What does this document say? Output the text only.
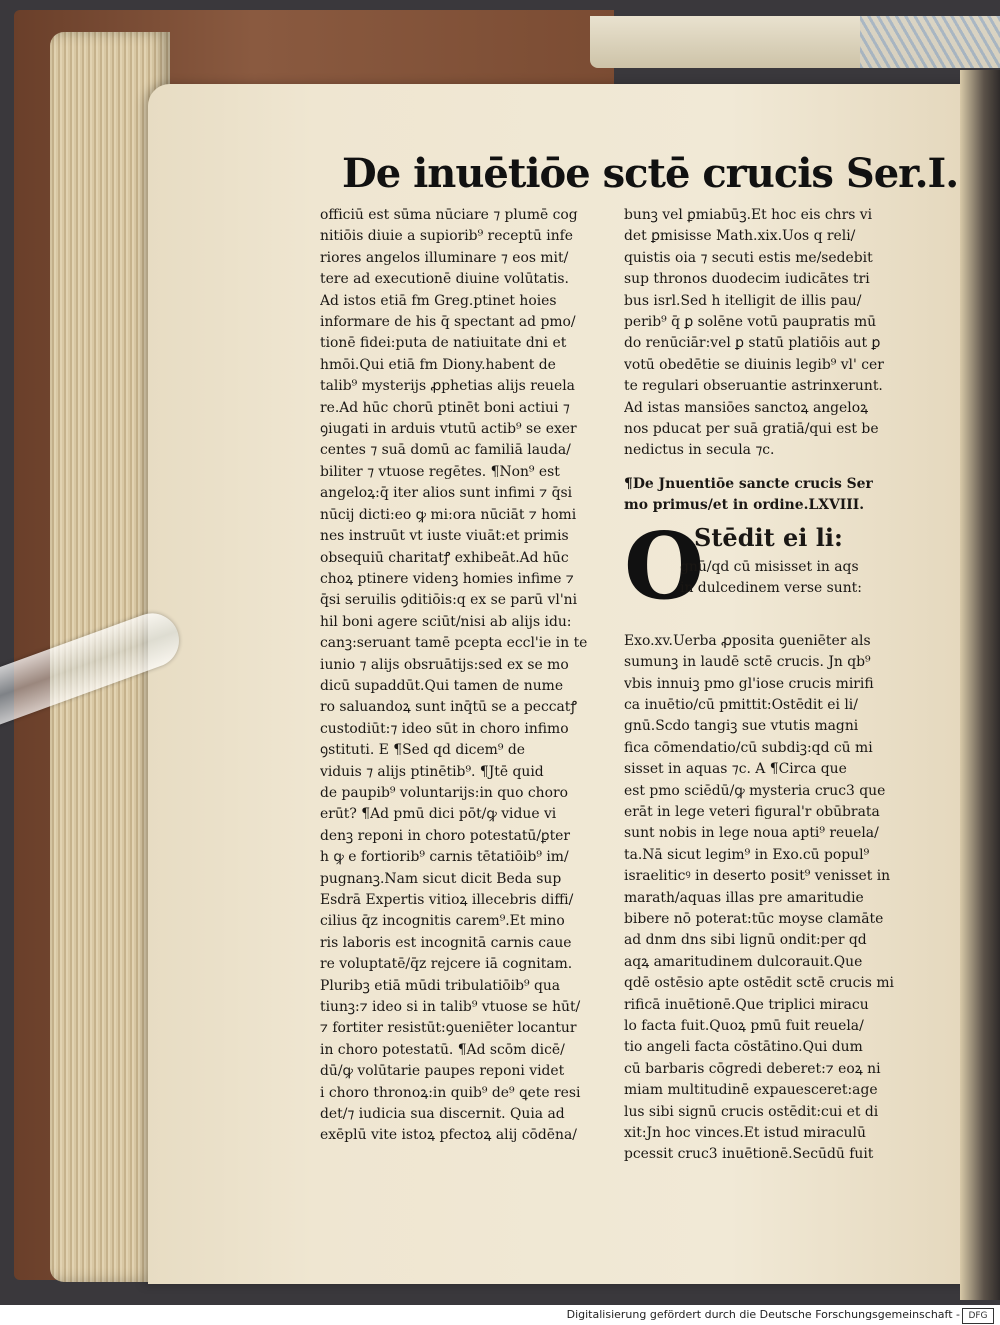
De inuētiōe sctē crucis Ser.I.
officiū est sūma nūciare ⁊ plumē cog
nitiōis diuie a supiorib⁹ receptū infe
riores angelos illuminare ⁊ eos mit/
tere ad executionē diuine volūtatis.
Ad istos etiā fm Greg.ptinet hoies
informare de his q̄ spectant ad pmo/
tionē fidei:puta de natiuitate dni et
hmōi.Qui etiā fm Diony.habent de
talib⁹ mysterijs ꝓphetias alijs reuela
re.Ad hūc chorū ptinēt boni actiui ⁊
ꝯiugati in arduis vtutū actib⁹ se exer
centes ⁊ suā domū ac familiā lauda/
biliter ⁊ vtuose regētes. ¶Non⁹ est
angeloꝝ:q̄ iter alios sunt infimi ⁊ q̄si
nūcij dicti:eo ꝙ mi:ora nūciāt ⁊ homi
nes instruūt vt iuste viuāt:et primis
obsequiū charitatꝭ exhibeāt.Ad hūc
choꝝ ptinere videnꝫ homies infime ⁊
q̄si seruilis ꝯditiōis:q ex se parū vl'ni
hil boni agere sciūt/nisi ab alijs idu:
canꝫ:seruant tamē pcepta eccl'ie in te
iunio ⁊ alijs obsruātijs:sed ex se mo
dicū supaddūt.Qui tamen de nume
ro saluandoꝝ sunt inq̄tū se a peccatꝭ
custodiūt:⁊ ideo sūt in choro infimo
ꝯstituti. E ¶Sed qd dicem⁹ de
viduis ⁊ alijs ptinētib⁹. ¶Jtē quid
de paupib⁹ voluntarijs:in quo choro
erūt? ¶Ad pmū dici pōt/ꝙ vidue vi
denꝫ reponi in choro potestatū/ꝑter
h ꝙ e fortiorib⁹ carnis tētatiōib⁹ im/
pugnanꝫ.Nam sicut dicit Beda sup
Esdrā Expertis vitioꝝ illecebris diffi/
cilius q̄z incognitis carem⁹.Et mino
ris laboris est incognitā carnis caue
re voluptatē/q̄z rejcere iā cognitam.
Pluribꝫ etiā mūdi tribulatiōib⁹ qua
tiunꝫ:⁊ ideo si in talib⁹ vtuose se hūt/
⁊ fortiter resistūt:ꝯueniēter locantur
in choro potestatū. ¶Ad scōm dicē/
dū/ꝙ volūtarie paupes reponi videt
i choro thronoꝝ:in quib⁹ de⁹ ꝗete resi
det/⁊ iudicia sua discernit. Quia ad
exēplū vite istoꝝ pfectoꝝ alij cōdēna/
bunꝫ vel ꝑmiabūꝫ.Et hoc eis chrs vi
det ꝑmisisse Math.xix.Uos q reli/
quistis oia ⁊ secuti estis me/sedebit
sup thronos duodecim iudicātes tri
bus isrl.Sed h itelligit de illis pau/
perib⁹ q̄ ꝑ solēne votū paupratis mū
do renūciār:vel ꝑ statū platiōis aut ꝑ
votū obedētie se diuinis legib⁹ vl' cer
te regulari obseruantie astrinxerunt.
Ad istas mansiōes sanctoꝝ angeloꝝ
nos pducat per suā gratiā/qui est be
nedictus in secula ⁊c.
¶De Jnuentiōe sancte crucis Ser
mo primus/et in ordine.LXVIII.
O
Stēdit ei li:
gnū/qd cū misisset in aqs
in dulcedinem verse sunt:
Exo.xv.Uerba ꝓposita ꝯueniēter als
sumunꝫ in laudē sctē crucis. Jn qb⁹
vbis innuiꝫ pmo gl'iose crucis mirifi
ca inuētio/cū pmittit:Ostēdit ei li/
gnū.Scdo tangiꝫ sue vtutis magni
fica cōmendatio/cū subdiꝫ:qd cū mi
sisset in aquas ⁊c. A ¶Circa que
est pmo sciēdū/ꝙ mysteria cruc3 que
erāt in lege veteri figural'r obūbrata
sunt nobis in lege noua apti⁹ reuela/
ta.Nā sicut legim⁹ in Exo.cū popul⁹
israeliticꝰ in deserto posit⁹ venisset in
marath/aquas illas pre amaritudie
bibere nō poterat:tūc moyse clamāte
ad dnm dns sibi lignū ondit:per qd
aqꝝ amaritudinem dulcorauit.Que
qdē ostēsio apte ostēdit sctē crucis mi
rificā inuētionē.Que triplici miracu
lo facta fuit.Quoꝝ pmū fuit reuela/
tio angeli facta cōstātino.Qui dum
cū barbaris cōgredi deberet:⁊ eoꝝ ni
miam multitudinē expauesceret:age
lus sibi signū crucis ostēdit:cui et di
xit:Jn hoc vinces.Et istud miraculū
pcessit cruc3 inuētionē.Secūdū fuit
Digitalisierung gefördert durch die Deutsche Forschungsgemeinschaft - DFG
